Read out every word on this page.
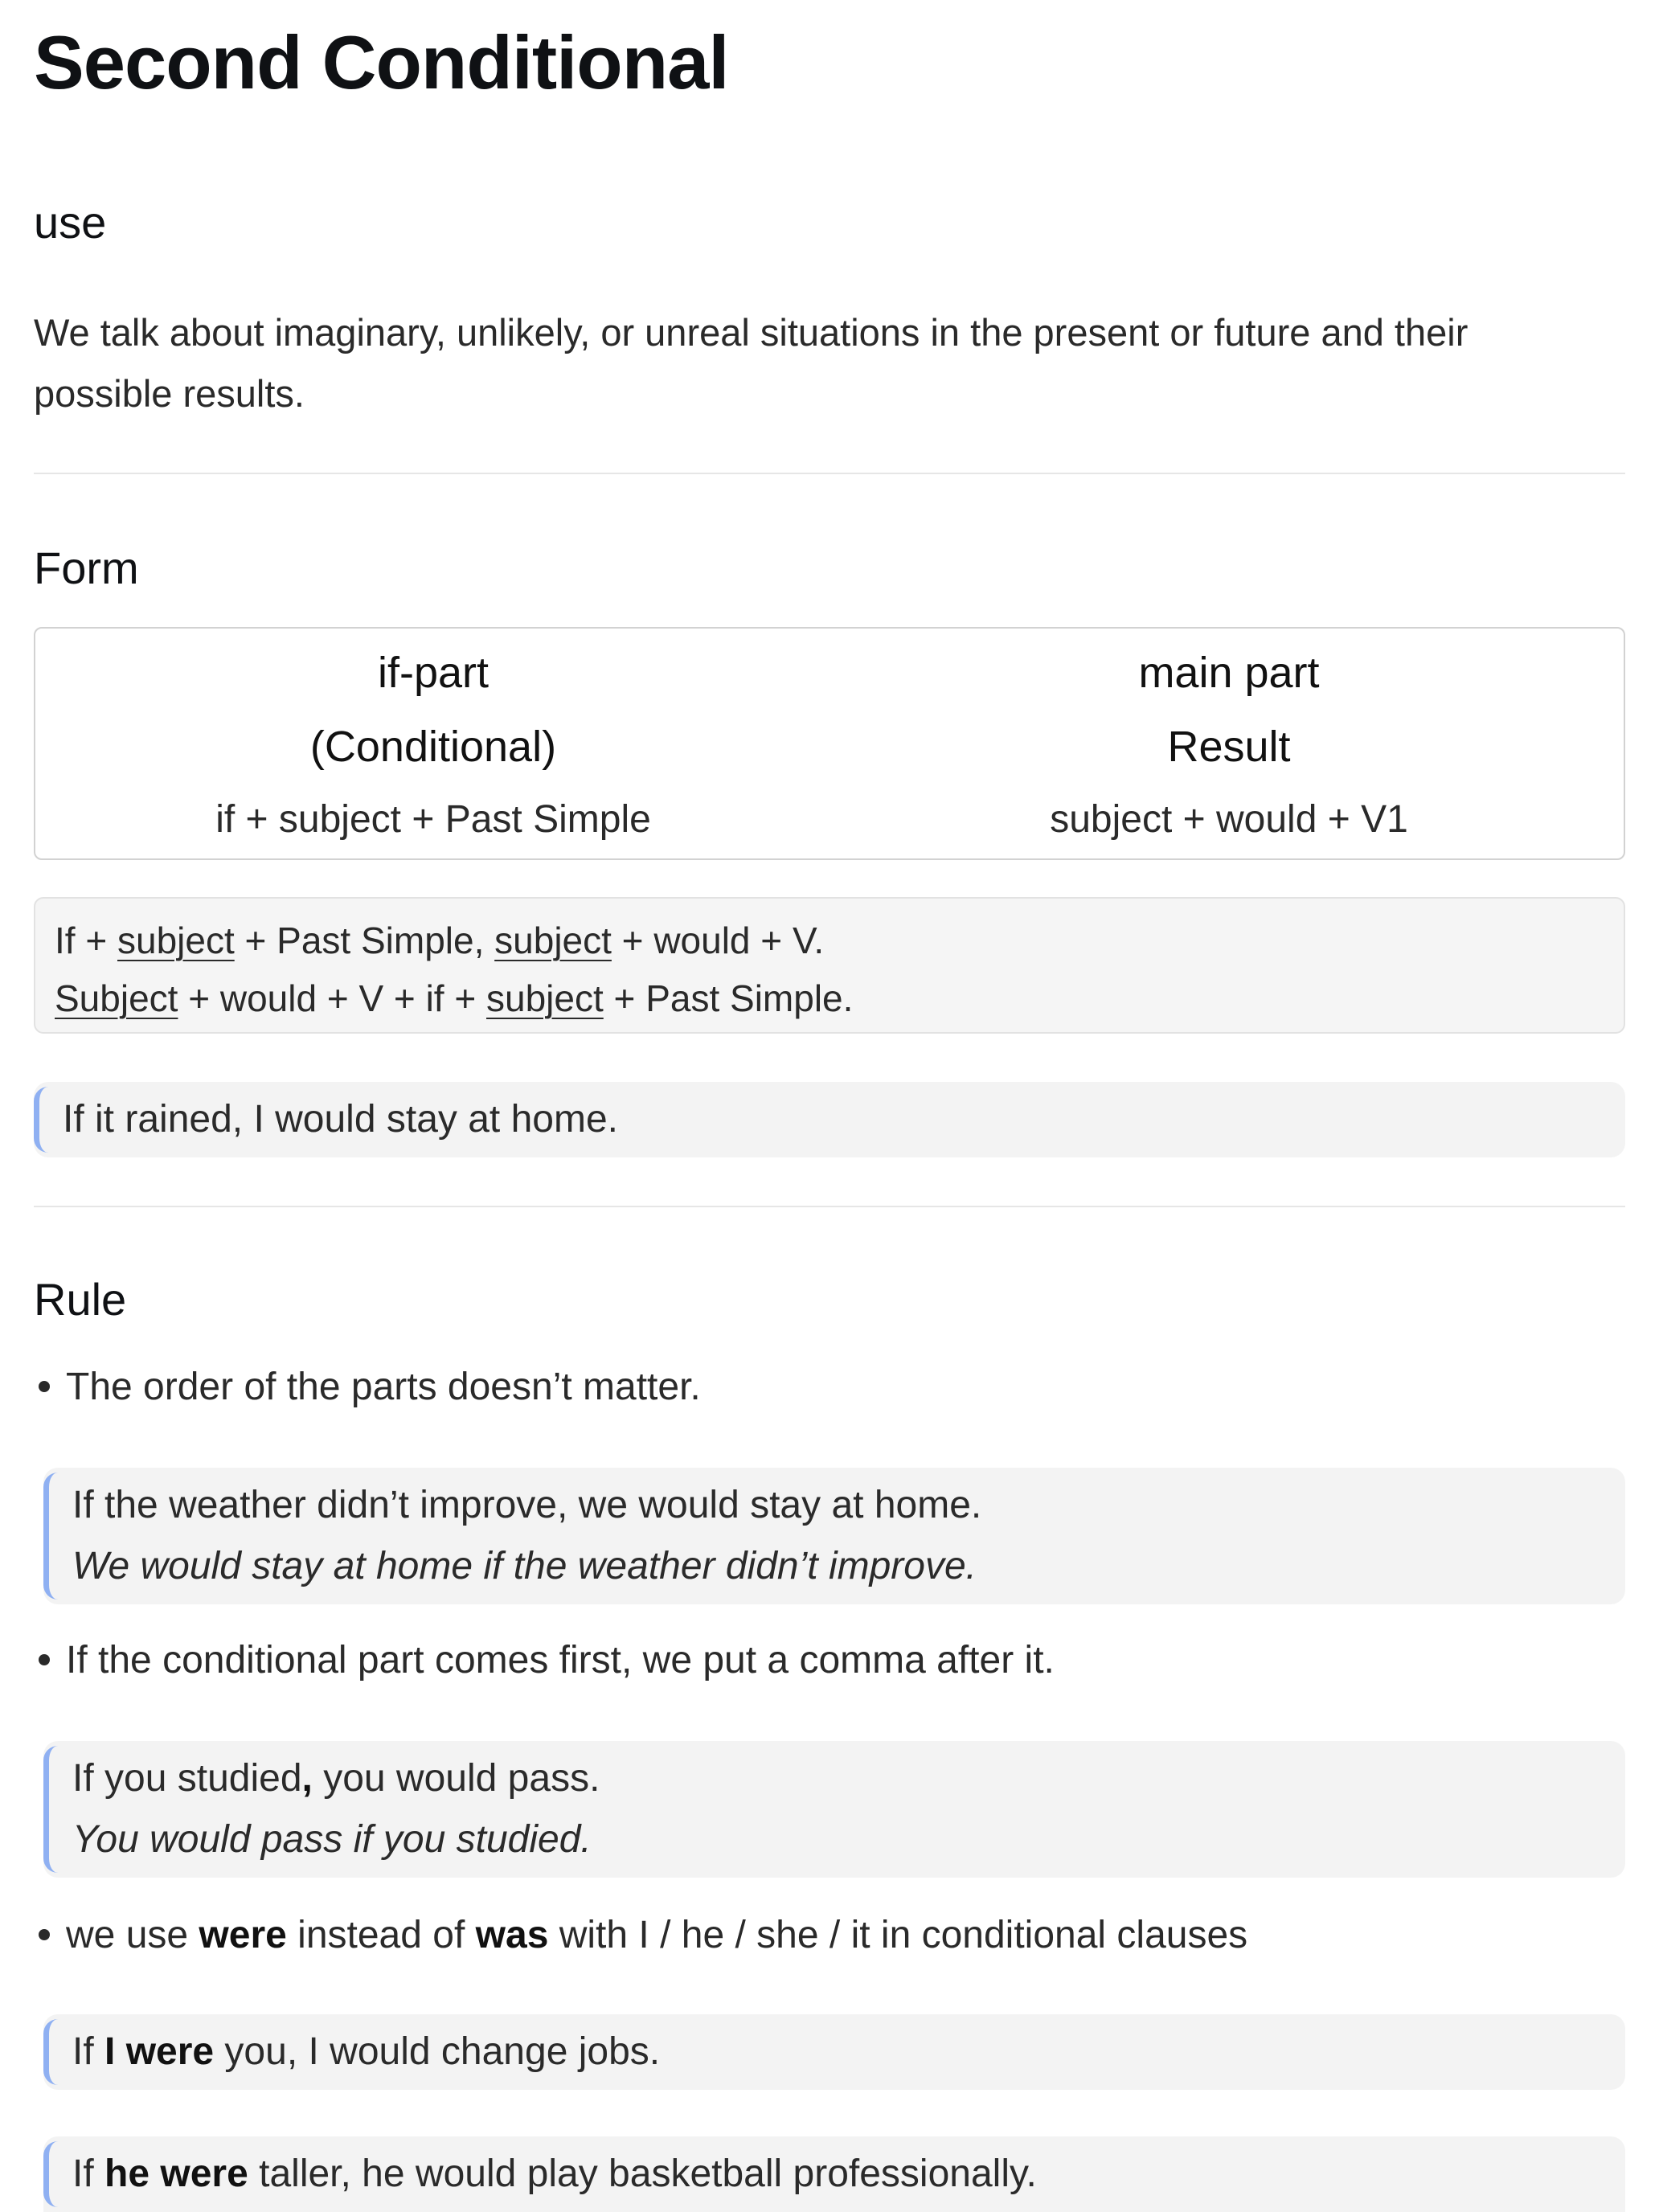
Second Conditional
use

We talk about imaginary, unlikely, or unreal situations in the present or future and their possible results.

Form
if-part
(Conditional)
if + subject + Past Simple
main part
Result
subject + would + V1
If + subject + Past Simple, subject + would + V.
Subject + would + V + if + subject + Past Simple.
If it rained, I would stay at home.
Rule
The order of the parts doesn’t matter.
If the weather didn’t improve, we would stay at home.
We would stay at home if the weather didn’t improve.
If the conditional part comes first, we put a comma after it.
If you studied, you would pass.
You would pass if you studied.
we use were instead of was with I / he / she / it in conditional clauses
If I were you, I would change jobs.
If he were taller, he would play basketball professionally.
